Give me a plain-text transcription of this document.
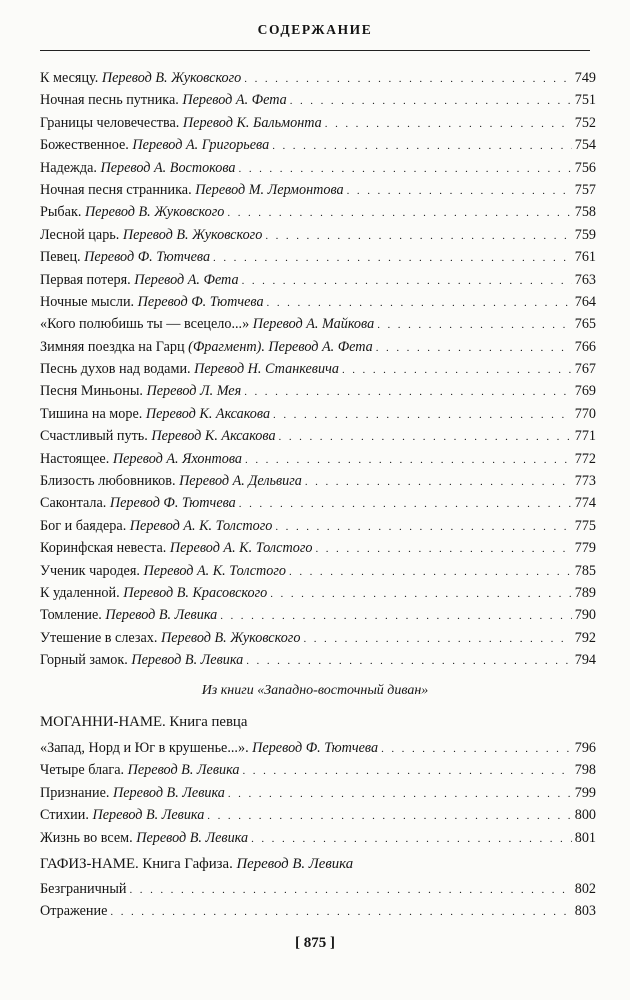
СОДЕРЖАНИЕ
К месяцу. Перевод В. Жуковского . . .	749
Ночная песнь путника. Перевод А. Фета . . .	751
Границы человечества. Перевод К. Бальмонта . . .	752
Божественное. Перевод А. Григорьева . . .	754
Надежда. Перевод А. Востокова . . .	756
Ночная песня странника. Перевод М. Лермонтова . . .	757
Рыбак. Перевод В. Жуковского . . .	758
Лесной царь. Перевод В. Жуковского . . .	759
Певец. Перевод Ф. Тютчева . . .	761
Первая потеря. Перевод А. Фета . . .	763
Ночные мысли. Перевод Ф. Тютчева . . .	764
«Кого полюбишь ты — всецело...» Перевод А. Майкова . . .	765
Зимняя поездка на Гарц (Фрагмент). Перевод А. Фета . . .	766
Песнь духов над водами. Перевод Н. Станкевича . . .	767
Песня Миньоны. Перевод Л. Мея . . .	769
Тишина на море. Перевод К. Аксакова . . .	770
Счастливый путь. Перевод К. Аксакова . . .	771
Настоящее. Перевод А. Яхонтова . . .	772
Близость любовников. Перевод А. Дельвига . . .	773
Саконтала. Перевод Ф. Тютчева . . .	774
Бог и баядера. Перевод А. К. Толстого . . .	775
Коринфская невеста. Перевод А. К. Толстого . . .	779
Ученик чародея. Перевод А. К. Толстого . . .	785
К удаленной. Перевод В. Красовского . . .	789
Томление. Перевод В. Левика . . .	790
Утешение в слезах. Перевод В. Жуковского . . .	792
Горный замок. Перевод В. Левика . . .	794
Из книги «Западно-восточный диван»
МОГАННИ-НАМЕ. Книга певца
«Запад, Норд и Юг в крушенье...». Перевод Ф. Тютчева . . .	796
Четыре блага. Перевод В. Левика . . .	798
Признание. Перевод В. Левика . . .	799
Стихии. Перевод В. Левика . . .	800
Жизнь во всем. Перевод В. Левика . . .	801
ГАФИЗ-НАМЕ. Книга Гафиза. Перевод В. Левика
Безграничный . . .	802
Отражение . . .	803
[ 875 ]
